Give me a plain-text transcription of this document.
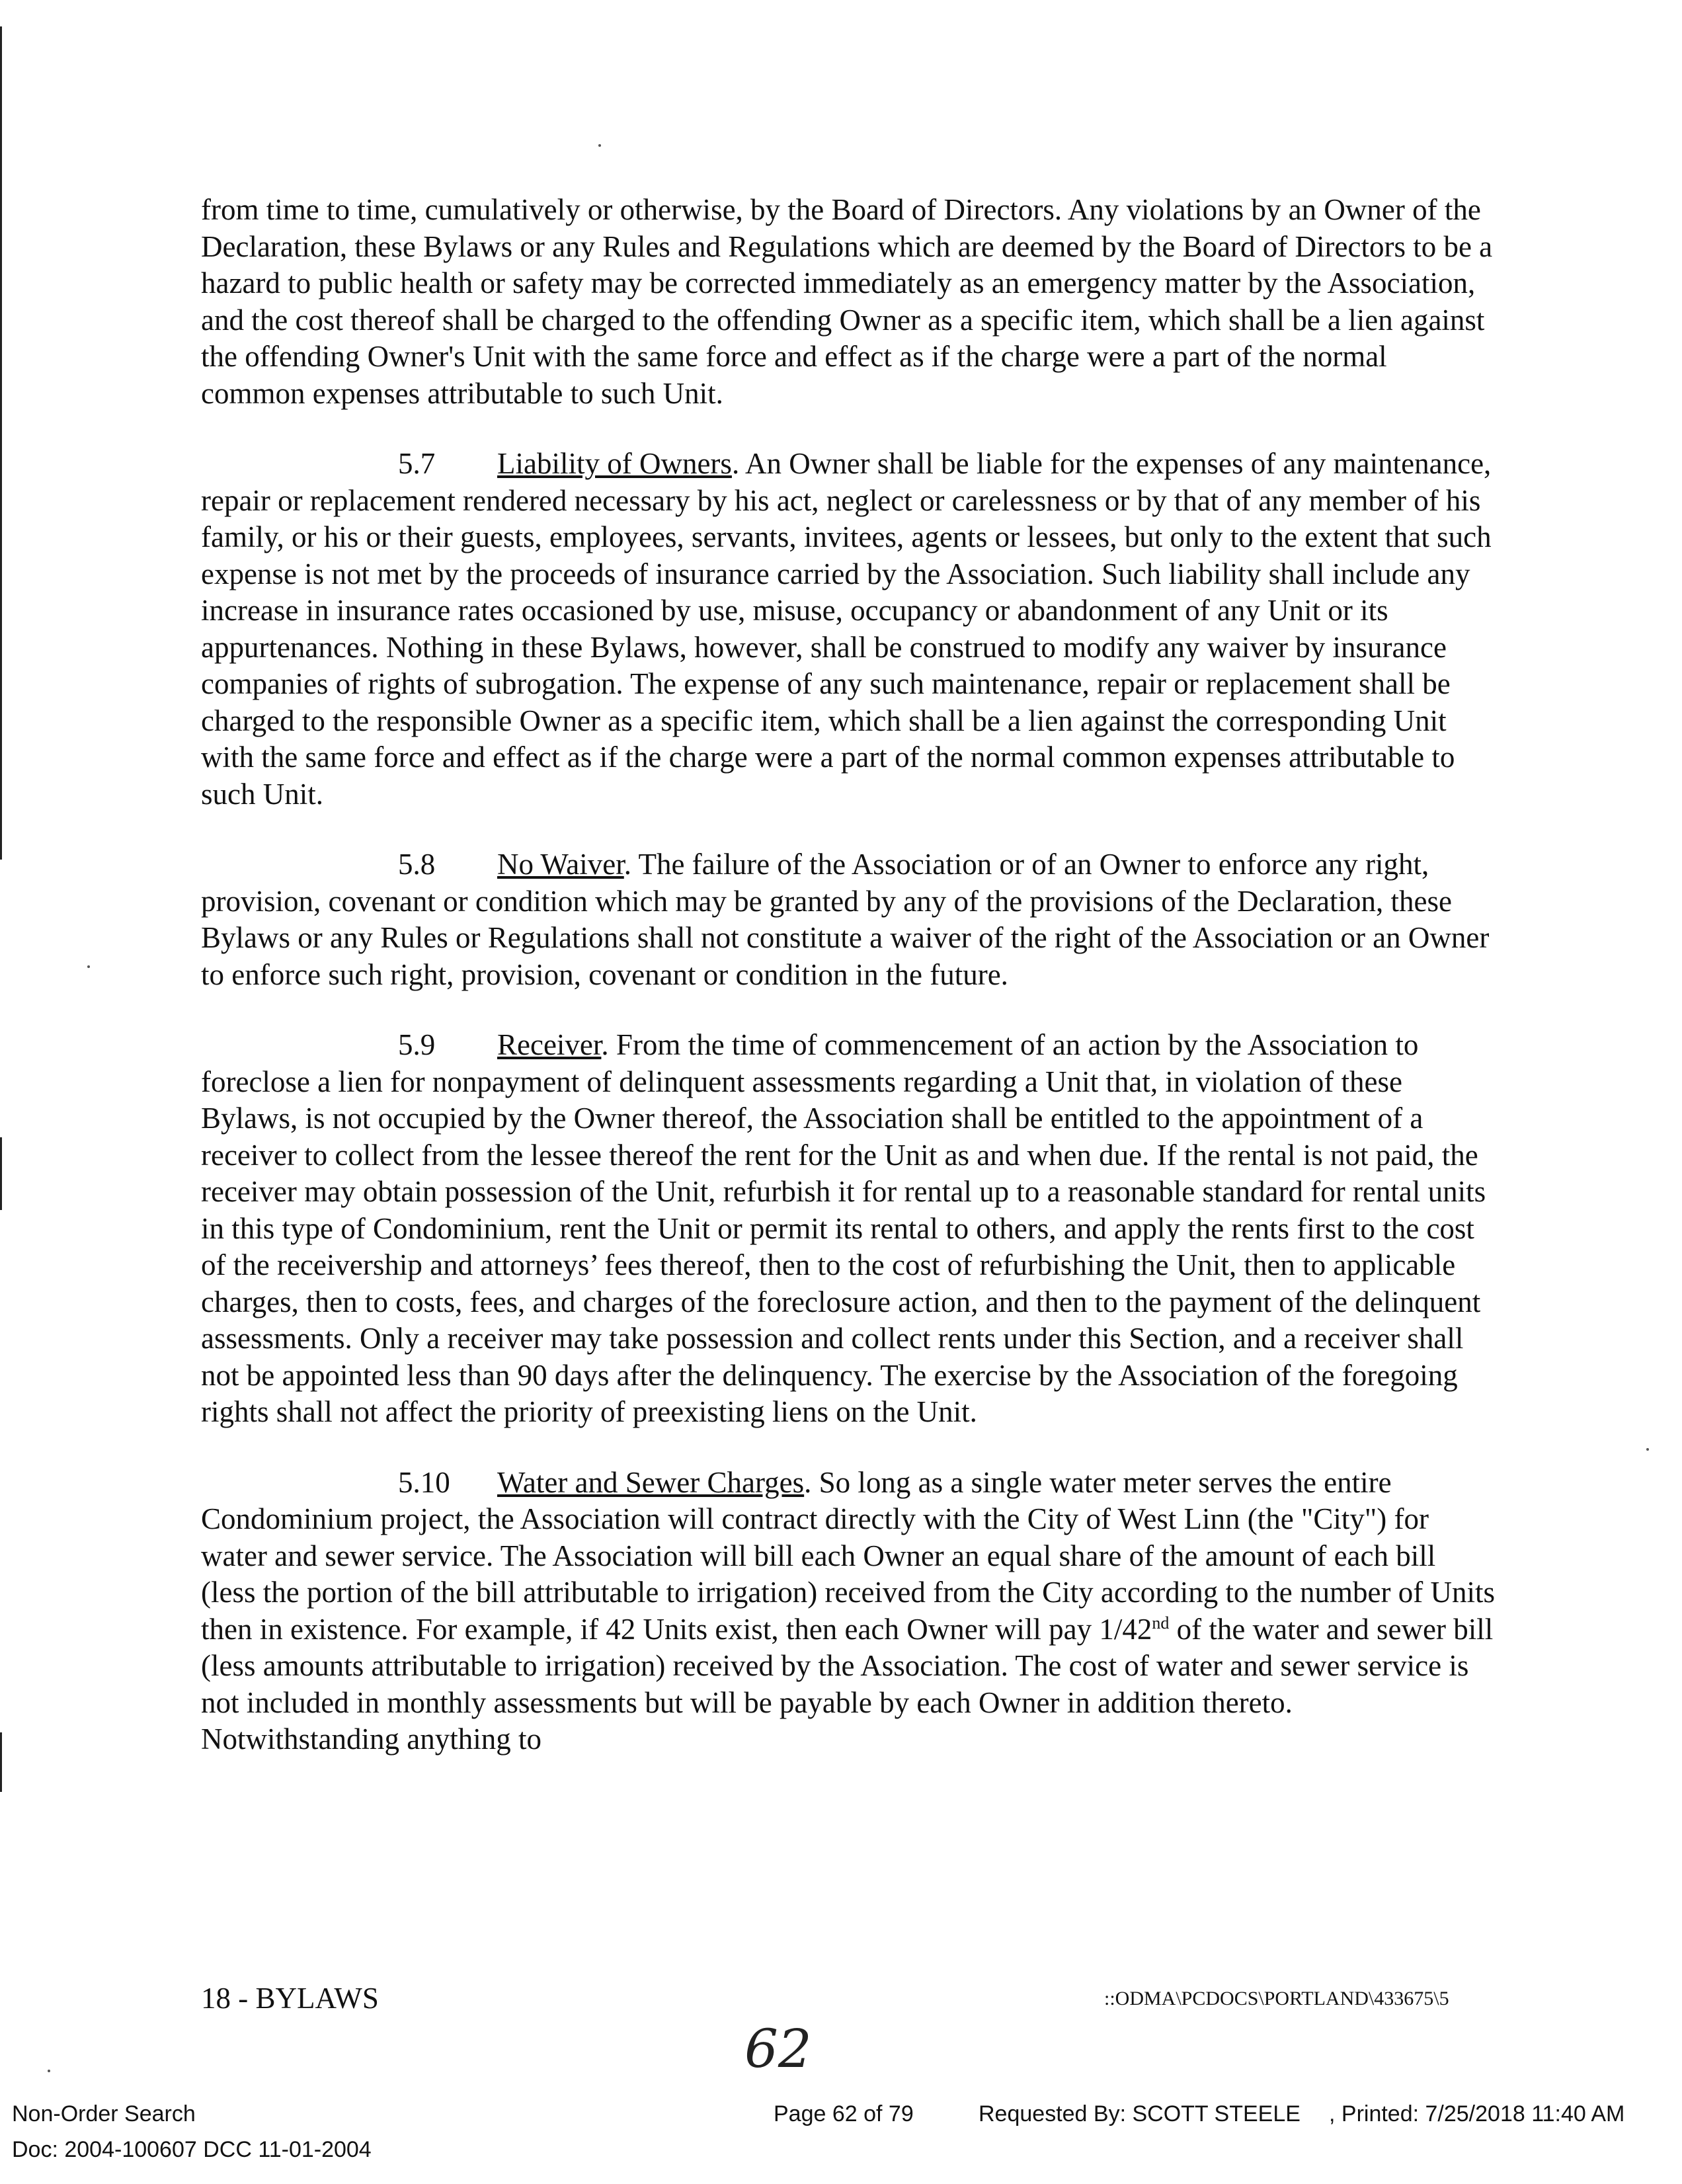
from time to time, cumulatively or otherwise, by the Board of Directors. Any violations by an Owner of the Declaration, these Bylaws or any Rules and Regulations which are deemed by the Board of Directors to be a hazard to public health or safety may be corrected immediately as an emergency matter by the Association, and the cost thereof shall be charged to the offending Owner as a specific item, which shall be a lien against the offending Owner's Unit with the same force and effect as if the charge were a part of the normal common expenses attributable to such Unit.

5.7 Liability of Owners. An Owner shall be liable for the expenses of any maintenance, repair or replacement rendered necessary by his act, neglect or carelessness or by that of any member of his family, or his or their guests, employees, servants, invitees, agents or lessees, but only to the extent that such expense is not met by the proceeds of insurance carried by the Association. Such liability shall include any increase in insurance rates occasioned by use, misuse, occupancy or abandonment of any Unit or its appurtenances. Nothing in these Bylaws, however, shall be construed to modify any waiver by insurance companies of rights of subrogation. The expense of any such maintenance, repair or replacement shall be charged to the responsible Owner as a specific item, which shall be a lien against the corresponding Unit with the same force and effect as if the charge were a part of the normal common expenses attributable to such Unit.

5.8 No Waiver. The failure of the Association or of an Owner to enforce any right, provision, covenant or condition which may be granted by any of the provisions of the Declaration, these Bylaws or any Rules or Regulations shall not constitute a waiver of the right of the Association or an Owner to enforce such right, provision, covenant or condition in the future.

5.9 Receiver. From the time of commencement of an action by the Association to foreclose a lien for nonpayment of delinquent assessments regarding a Unit that, in violation of these Bylaws, is not occupied by the Owner thereof, the Association shall be entitled to the appointment of a receiver to collect from the lessee thereof the rent for the Unit as and when due. If the rental is not paid, the receiver may obtain possession of the Unit, refurbish it for rental up to a reasonable standard for rental units in this type of Condominium, rent the Unit or permit its rental to others, and apply the rents first to the cost of the receivership and attorneys’ fees thereof, then to the cost of refurbishing the Unit, then to applicable charges, then to costs, fees, and charges of the foreclosure action, and then to the payment of the delinquent assessments. Only a receiver may take possession and collect rents under this Section, and a receiver shall not be appointed less than 90 days after the delinquency. The exercise by the Association of the foregoing rights shall not affect the priority of preexisting liens on the Unit.

5.10 Water and Sewer Charges. So long as a single water meter serves the entire Condominium project, the Association will contract directly with the City of West Linn (the "City") for water and sewer service. The Association will bill each Owner an equal share of the amount of each bill (less the portion of the bill attributable to irrigation) received from the City according to the number of Units then in existence. For example, if 42 Units exist, then each Owner will pay 1/42nd of the water and sewer bill (less amounts attributable to irrigation) received by the Association. The cost of water and sewer service is not included in monthly assessments but will be payable by each Owner in addition thereto. Notwithstanding anything to

18 - BYLAWS	::ODMA\PCDOCS\PORTLAND\433675\5
62
Non-Order Search
Doc: 2004-100607 DCC 11-01-2004
Page 62 of 79	Requested By: SCOTT STEELE , Printed: 7/25/2018 11:40 AM
